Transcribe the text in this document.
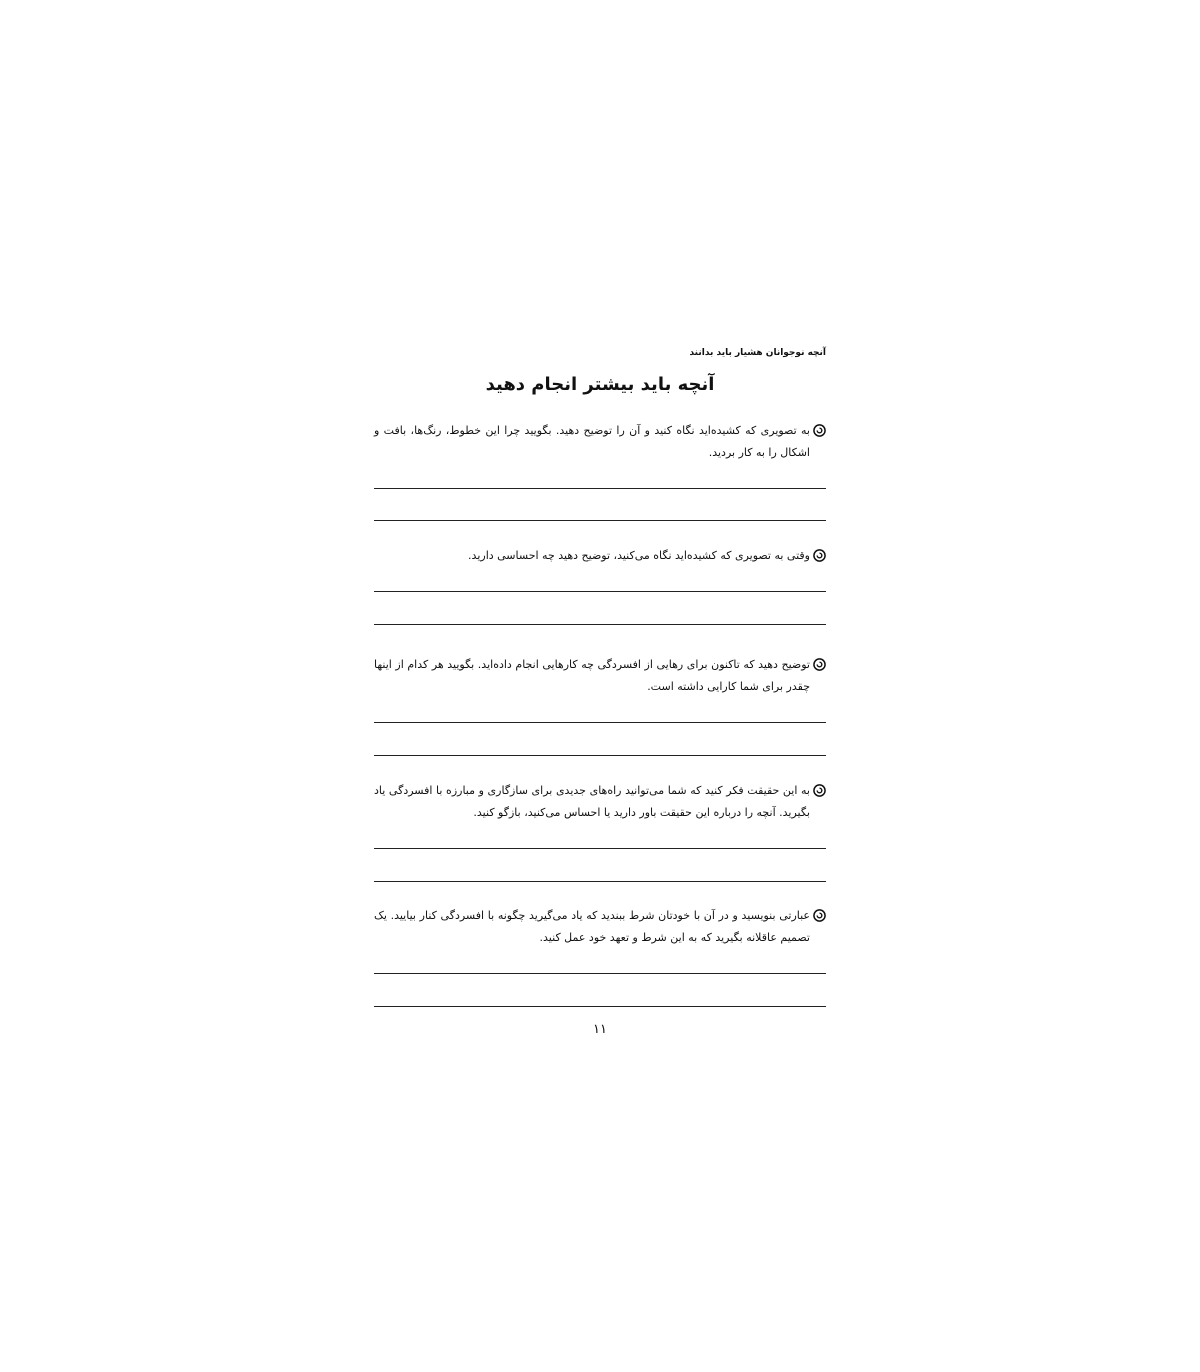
آنچه نوجوانان هشیار باید بدانند
آنچه باید بیشتر انجام دهید
به تصویری که کشیده‌اید نگاه کنید و آن را توضیح دهید. بگویید چرا این خطوط، رنگ‌ها، بافت و اشکال را به کار بردید.
وقتی به تصویری که کشیده‌اید نگاه می‌کنید، توضیح دهید چه احساسی دارید.
توضیح دهید که تاکنون برای رهایی از افسردگی چه کارهایی انجام داده‌اید. بگویید هر کدام از اینها چقدر برای شما کارایی داشته است.
به این حقیقت فکر کنید که شما می‌توانید راه‌های جدیدی برای سازگاری و مبارزه با افسردگی یاد بگیرید. آنچه را درباره این حقیقت باور دارید یا احساس می‌کنید، بازگو کنید.
عبارتی بنویسید و در آن با خودتان شرط ببندید که یاد می‌گیرید چگونه با افسردگی کنار بیایید. یک تصمیم عاقلانه بگیرید که به این شرط و تعهد خود عمل کنید.
۱۱
